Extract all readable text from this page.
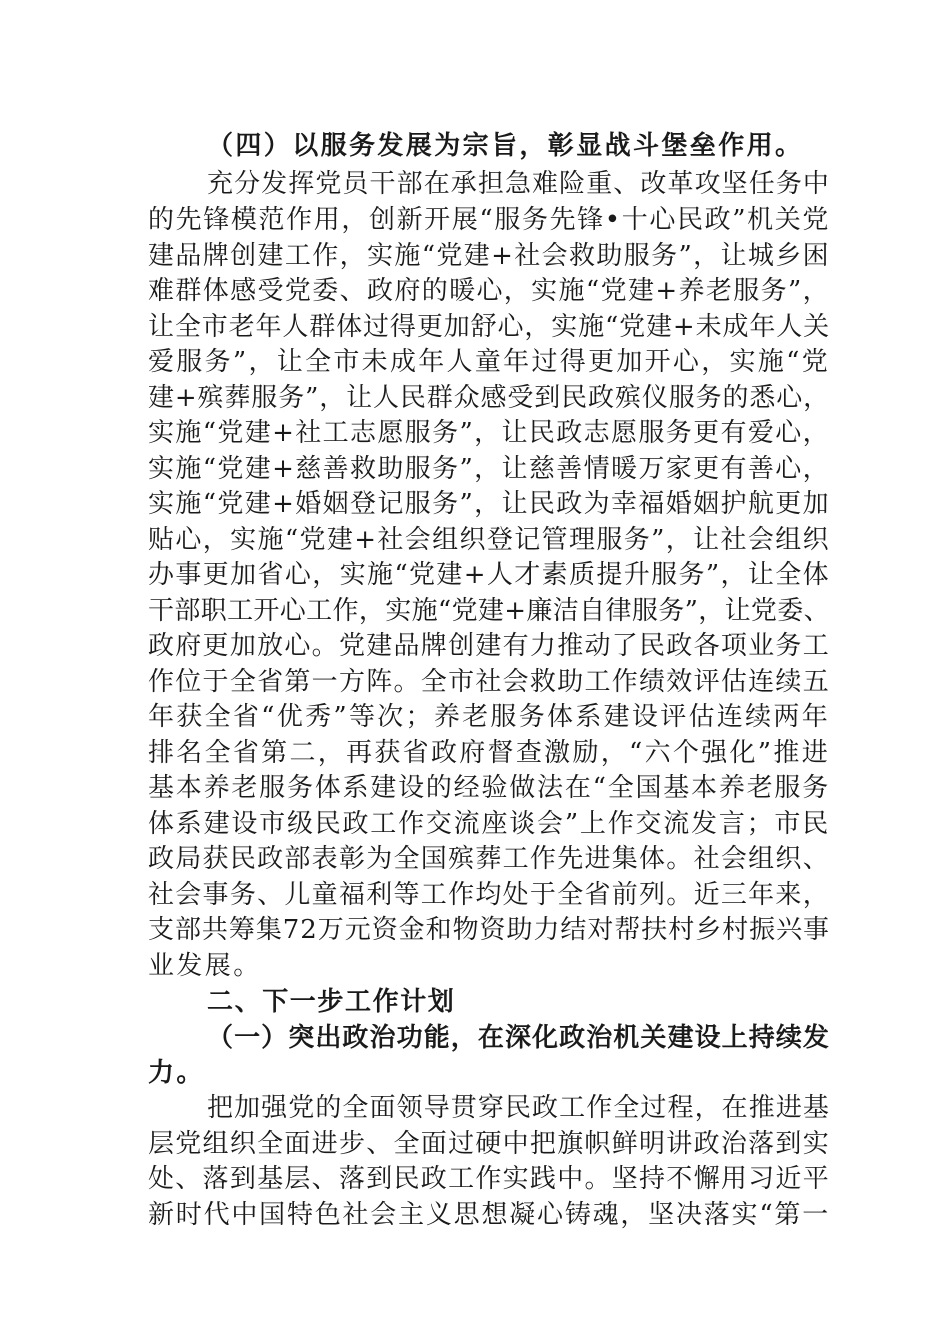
（四）以服务发展为宗旨，彰显战斗堡垒作用。
充分发挥党员干部在承担急难险重、改革攻坚任务中
的先锋模范作用，创新开展“服务先锋•十心民政”机关党
建品牌创建工作，实施“党建+社会救助服务”，让城乡困
难群体感受党委、政府的暖心，实施“党建+养老服务”，
让全市老年人群体过得更加舒心，实施“党建+未成年人关
爱服务”，让全市未成年人童年过得更加开心，实施“党
建+殡葬服务”，让人民群众感受到民政殡仪服务的悉心，
实施“党建+社工志愿服务”，让民政志愿服务更有爱心，
实施“党建+慈善救助服务”，让慈善情暖万家更有善心，
实施“党建+婚姻登记服务”，让民政为幸福婚姻护航更加
贴心，实施“党建+社会组织登记管理服务”，让社会组织
办事更加省心，实施“党建+人才素质提升服务”，让全体
干部职工开心工作，实施“党建+廉洁自律服务”，让党委、
政府更加放心。党建品牌创建有力推动了民政各项业务工
作位于全省第一方阵。全市社会救助工作绩效评估连续五
年获全省“优秀”等次；养老服务体系建设评估连续两年
排名全省第二，再获省政府督查激励，“六个强化”推进
基本养老服务体系建设的经验做法在“全国基本养老服务
体系建设市级民政工作交流座谈会”上作交流发言；市民
政局获民政部表彰为全国殡葬工作先进集体。社会组织、
社会事务、儿童福利等工作均处于全省前列。近三年来，
支部共筹集72万元资金和物资助力结对帮扶村乡村振兴事
业发展。
二、下一步工作计划
（一）突出政治功能，在深化政治机关建设上持续发
力。
把加强党的全面领导贯穿民政工作全过程，在推进基
层党组织全面进步、全面过硬中把旗帜鲜明讲政治落到实
处、落到基层、落到民政工作实践中。坚持不懈用习近平
新时代中国特色社会主义思想凝心铸魂，坚决落实“第一
